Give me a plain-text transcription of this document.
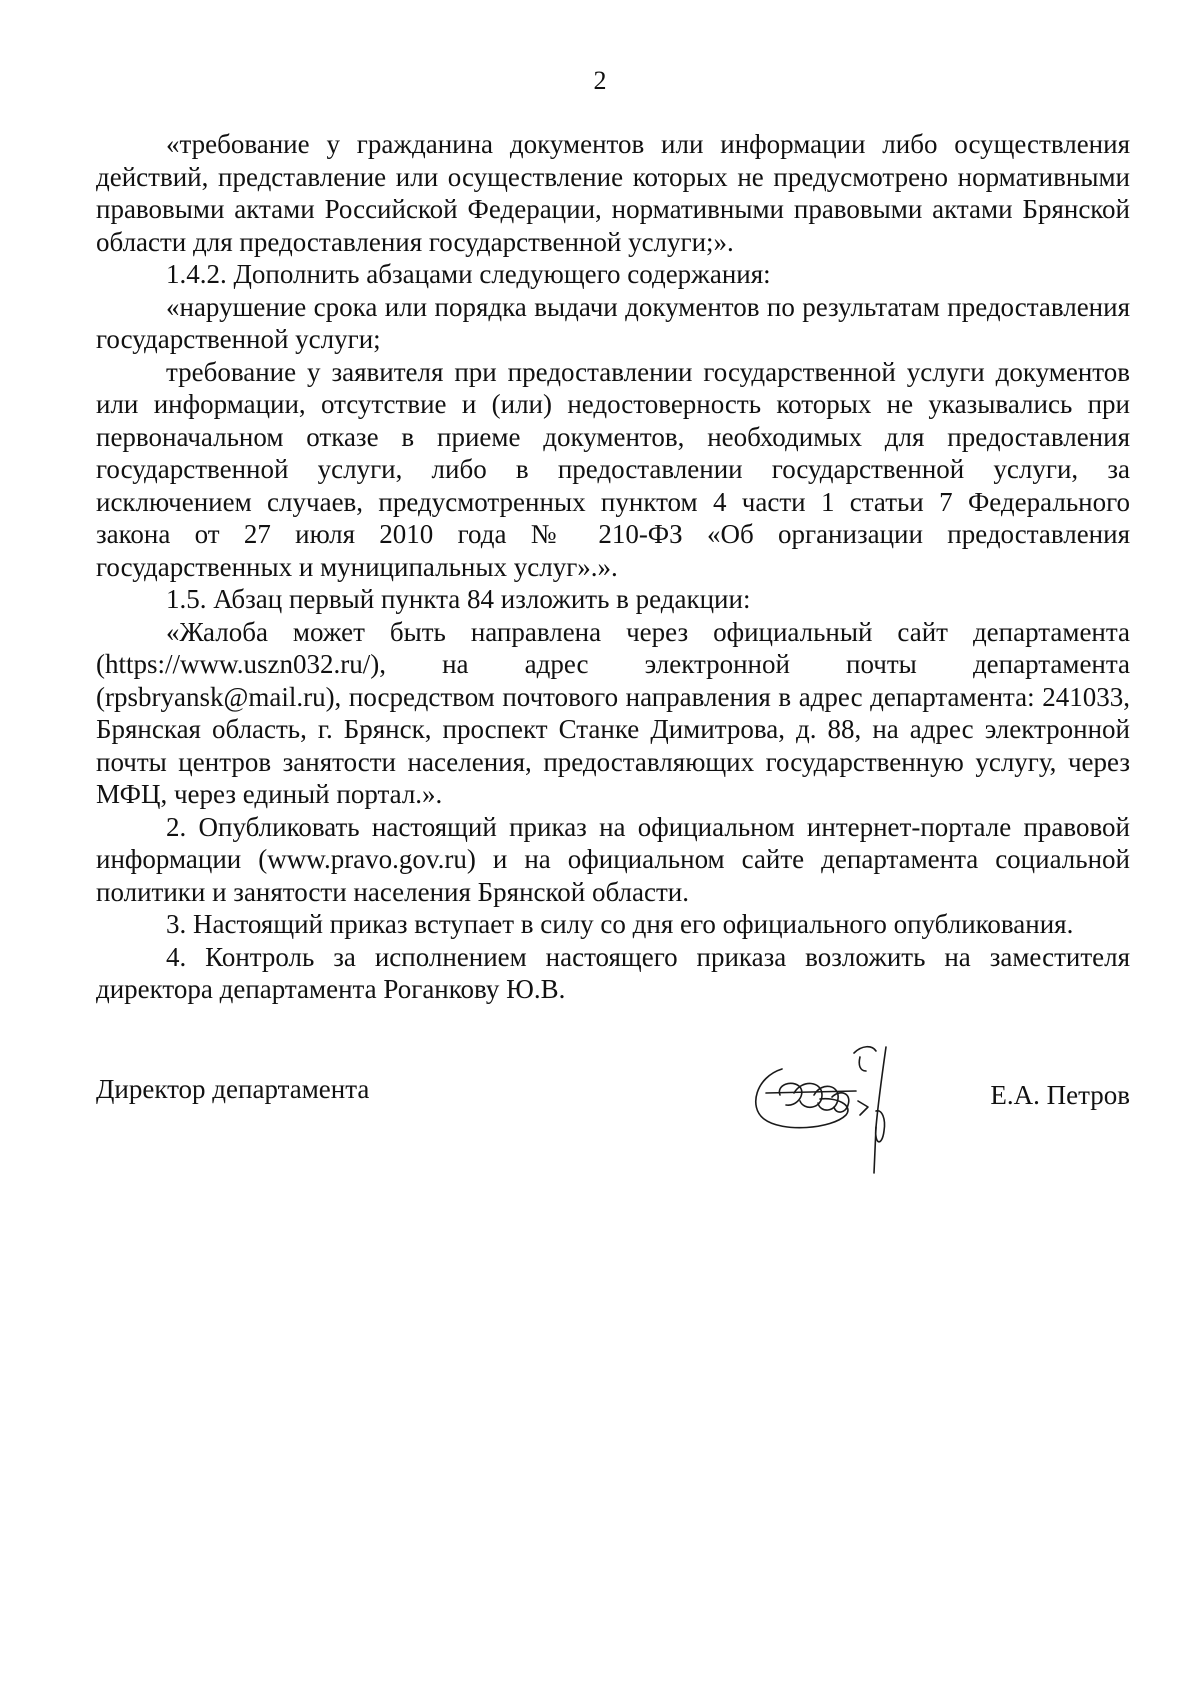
2

«требование у гражданина документов или информации либо осуществления действий, представление или осуществление которых не предусмотрено нормативными правовыми актами Российской Федерации, нормативными правовыми актами Брянской области для предоставления государственной услуги;».

1.4.2. Дополнить абзацами следующего содержания:

«нарушение срока или порядка выдачи документов по результатам предоставления государственной услуги;

требование у заявителя при предоставлении государственной услуги документов или информации, отсутствие и (или) недостоверность которых не указывались при первоначальном отказе в приеме документов, необходимых для предоставления государственной услуги, либо в предоставлении государственной услуги, за исключением случаев, предусмотренных пунктом 4 части 1 статьи 7 Федерального закона от 27 июля 2010 года № 210-ФЗ «Об организации предоставления государственных и муниципальных услуг».».

1.5. Абзац первый пункта 84 изложить в редакции:

«Жалоба может быть направлена через официальный сайт департамента (https://www.uszn032.ru/), на адрес электронной почты департамента (rpsbryansk@mail.ru), посредством почтового направления в адрес департамента: 241033, Брянская область, г. Брянск, проспект Станке Димитрова, д. 88, на адрес электронной почты центров занятости населения, предоставляющих государственную услугу, через МФЦ, через единый портал.».

2. Опубликовать настоящий приказ на официальном интернет-портале правовой информации (www.pravo.gov.ru) и на официальном сайте департамента социальной политики и занятости населения Брянской области.

3. Настоящий приказ вступает в силу со дня его официального опубликования.

4. Контроль за исполнением настоящего приказа возложить на заместителя директора департамента Роганкову Ю.В.

Директор департамента	Е.А. Петров
